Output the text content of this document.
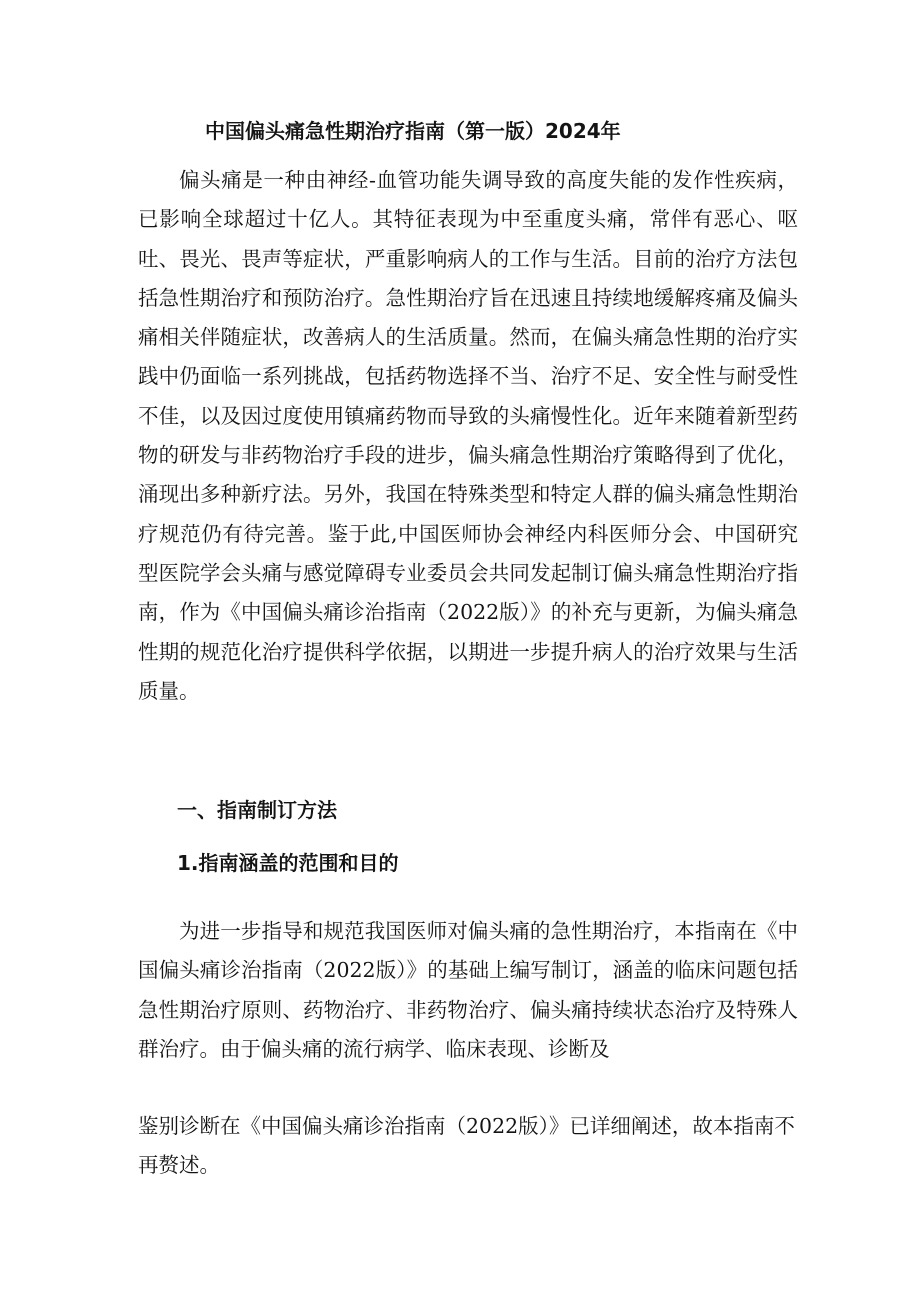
中国偏头痛急性期治疗指南（第一版）2024年

偏头痛是一种由神经-血管功能失调导致的高度失能的发作性疾病，已影响全球超过十亿人。其特征表现为中至重度头痛，常伴有恶心、呕吐、畏光、畏声等症状，严重影响病人的工作与生活。目前的治疗方法包括急性期治疗和预防治疗。急性期治疗旨在迅速且持续地缓解疼痛及偏头痛相关伴随症状，改善病人的生活质量。然而，在偏头痛急性期的治疗实践中仍面临一系列挑战，包括药物选择不当、治疗不足、安全性与耐受性不佳，以及因过度使用镇痛药物而导致的头痛慢性化。近年来随着新型药物的研发与非药物治疗手段的进步，偏头痛急性期治疗策略得到了优化，涌现出多种新疗法。另外，我国在特殊类型和特定人群的偏头痛急性期治疗规范仍有待完善。鉴于此,中国医师协会神经内科医师分会、中国研究型医院学会头痛与感觉障碍专业委员会共同发起制订偏头痛急性期治疗指南，作为《中国偏头痛诊治指南（2022版）》的补充与更新，为偏头痛急性期的规范化治疗提供科学依据，以期进一步提升病人的治疗效果与生活质量。

一、指南制订方法
1.指南涵盖的范围和目的

为进一步指导和规范我国医师对偏头痛的急性期治疗，本指南在《中国偏头痛诊治指南（2022版）》的基础上编写制订，涵盖的临床问题包括急性期治疗原则、药物治疗、非药物治疗、偏头痛持续状态治疗及特殊人群治疗。由于偏头痛的流行病学、临床表现、诊断及

鉴别诊断在《中国偏头痛诊治指南（2022版）》已详细阐述，故本指南不
再赘述。
